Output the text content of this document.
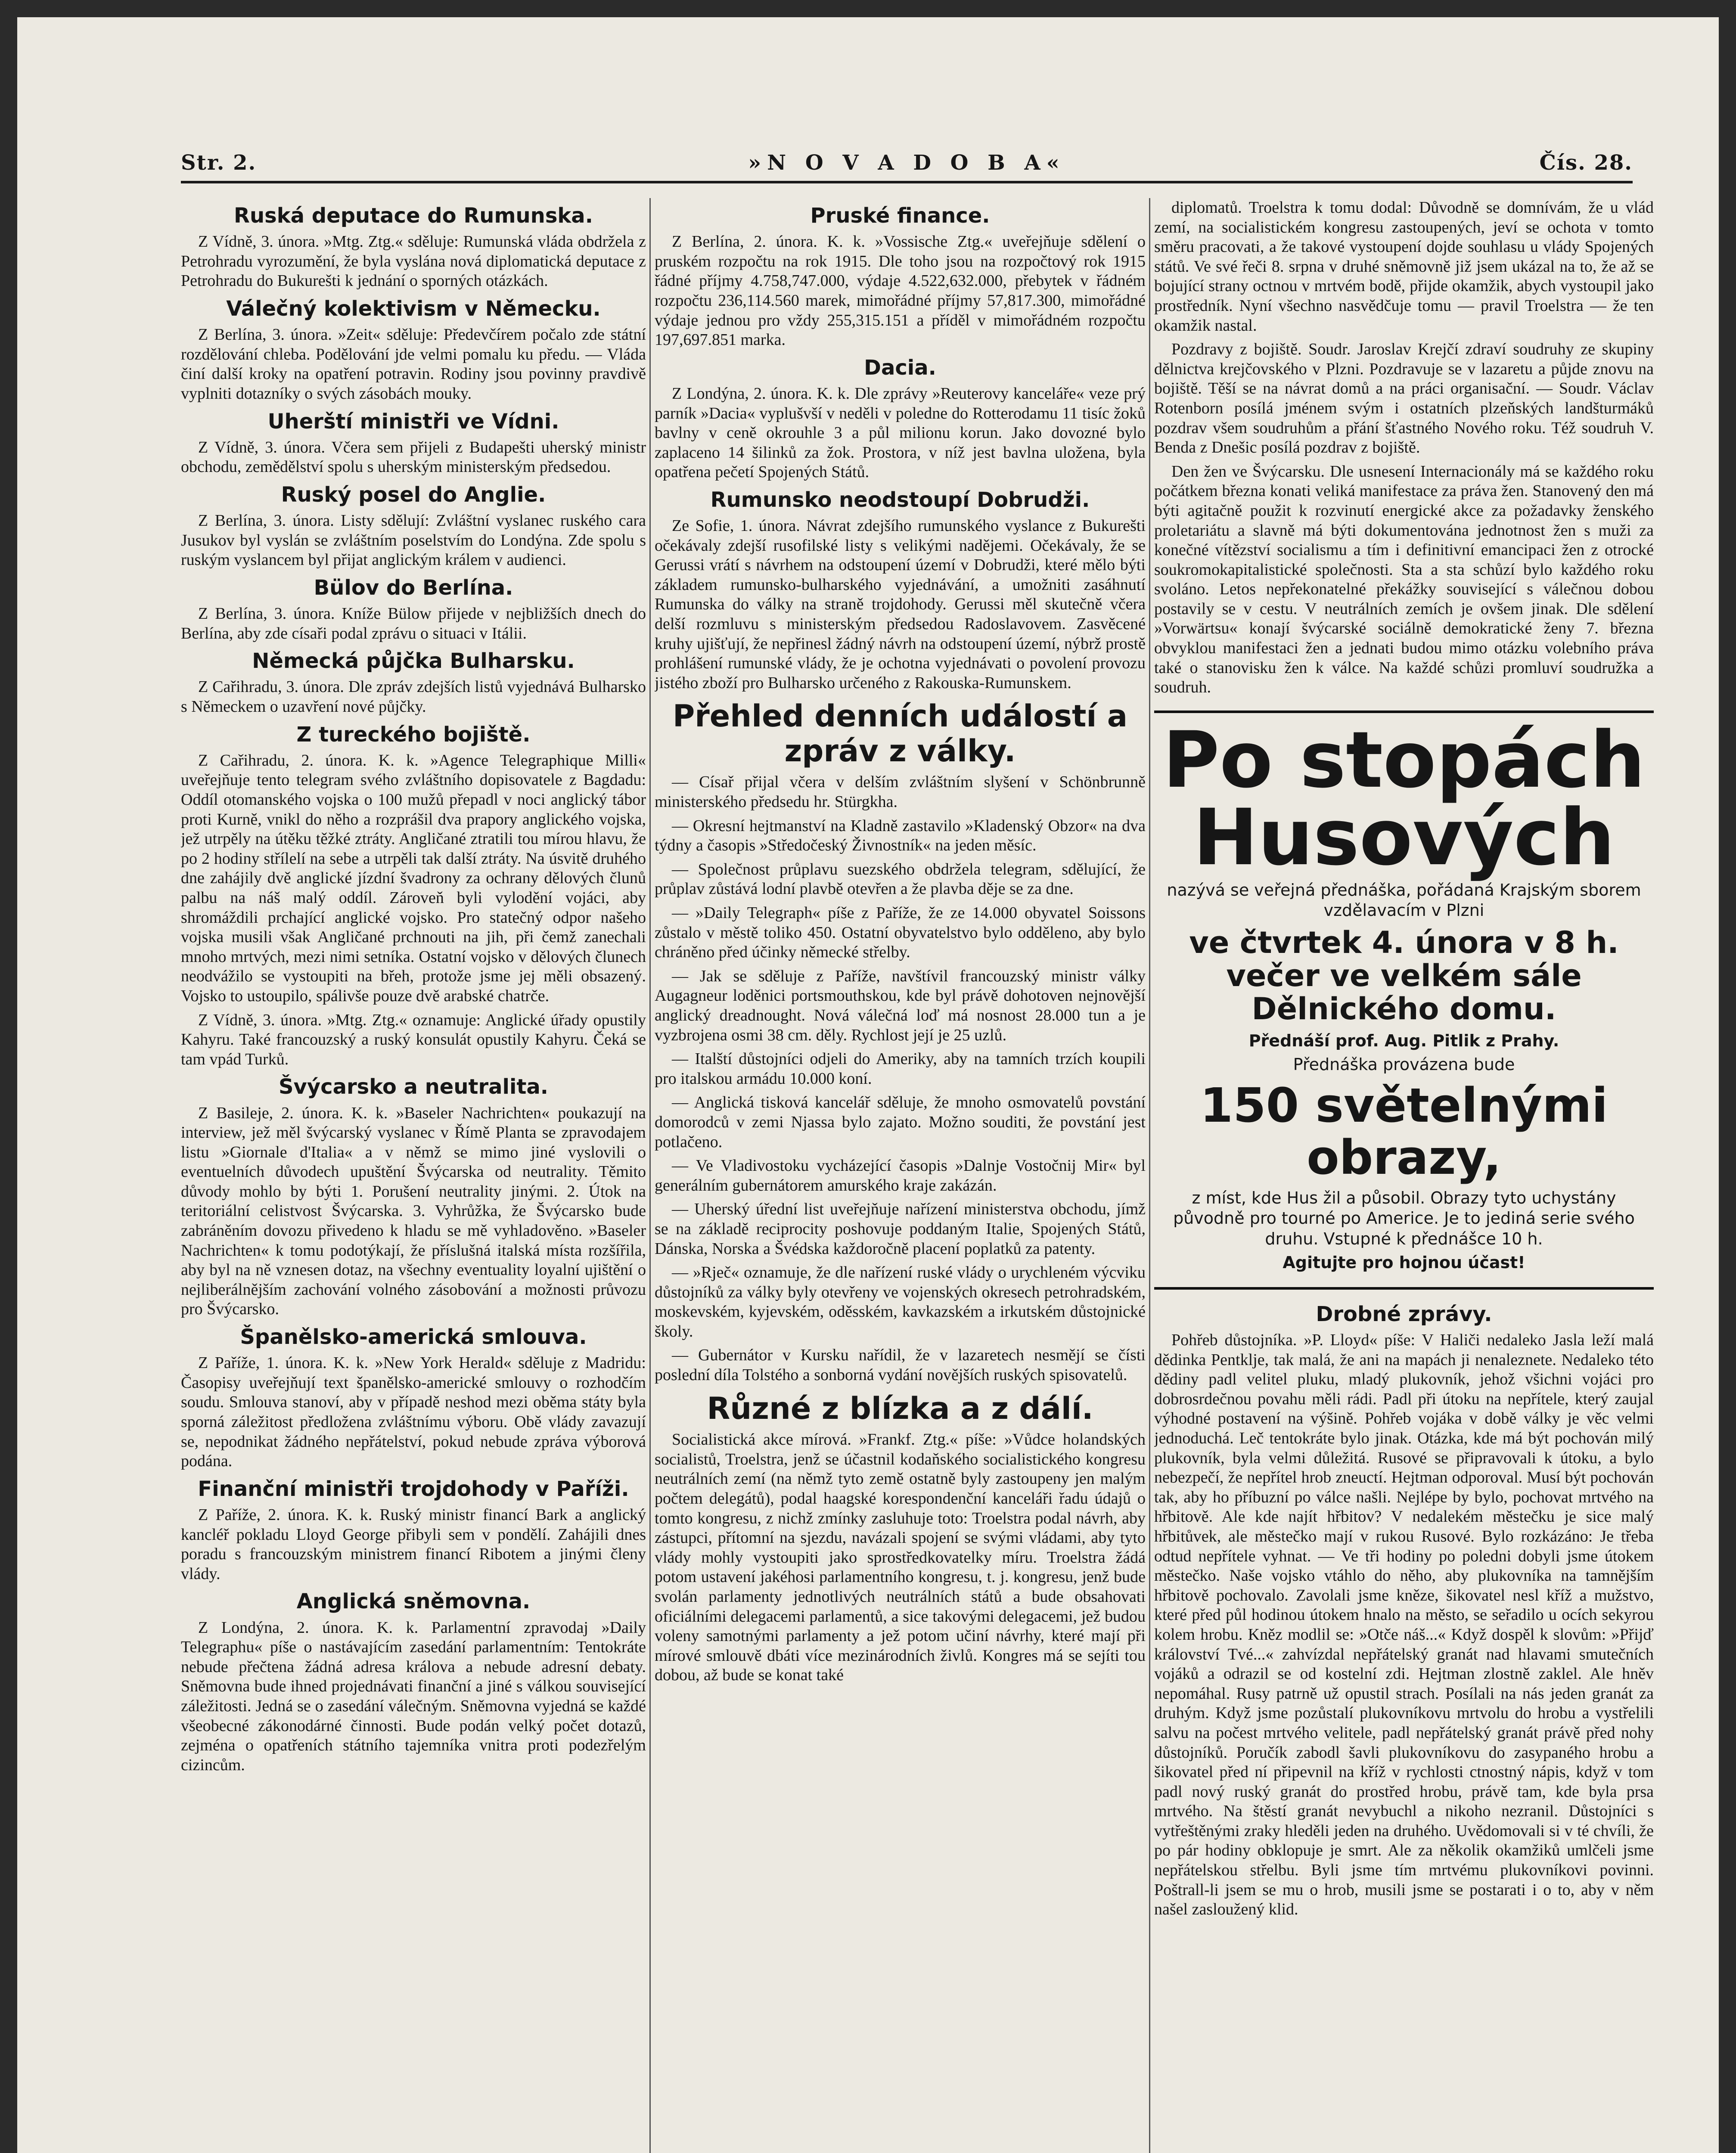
Str. 2.	»N O V A D O B A«	Čís. 28.
Ruská deputace do Rumunska.

Z Vídně, 3. února. »Mtg. Ztg.« sděluje: Rumunská vláda obdržela z Petrohradu vyrozumění, že byla vyslána nová diplomatická deputace z Petrohradu do Bukurešti k jednání o sporných otázkách.

Válečný kolektivism v Německu.

Z Berlína, 3. února. »Zeit« sděluje: Předevčírem počalo zde státní rozdělování chleba. Podělování jde velmi pomalu ku předu. — Vláda činí další kroky na opatření potravin. Rodiny jsou povinny pravdivě vyplniti dotazníky o svých zásobách mouky.

Uherští ministři ve Vídni.

Z Vídně, 3. února. Včera sem přijeli z Budapešti uherský ministr obchodu, zemědělství spolu s uherským ministerským předsedou.

Ruský posel do Anglie.

Z Berlína, 3. února. Listy sdělují: Zvláštní vyslanec ruského cara Jusukov byl vyslán se zvláštním poselstvím do Londýna. Zde spolu s ruským vyslancem byl přijat anglickým králem v audienci.

Bülov do Berlína.

Z Berlína, 3. února. Kníže Bülow přijede v nejbližších dnech do Berlína, aby zde císaři podal zprávu o situaci v Itálii.

Německá půjčka Bulharsku.

Z Cařihradu, 3. února. Dle zpráv zdejších listů vyjednává Bulharsko s Německem o uzavření nové půjčky.

Z tureckého bojiště.

Z Cařihradu, 2. února. K. k. »Agence Telegraphique Milli« uveřejňuje tento telegram svého zvláštního dopisovatele z Bagdadu: Oddíl otomanského vojska o 100 mužů přepadl v noci anglický tábor proti Kurně, vnikl do něho a rozprášil dva prapory anglického vojska, jež utrpěly na útěku těžké ztráty. Angličané ztratili tou mírou hlavu, že po 2 hodiny střílelí na sebe a utrpěli tak další ztráty. Na úsvitě druhého dne zahájily dvě anglické jízdní švadrony za ochrany dělových člunů palbu na náš malý oddíl. Zároveň byli vylodění vojáci, aby shromáždili prchající anglické vojsko. Pro statečný odpor našeho vojska musili však Angličané prchnouti na jih, při čemž zanechali mnoho mrtvých, mezi nimi setníka. Ostatní vojsko v dělových člunech neodvážilo se vystoupiti na břeh, protože jsme jej měli obsazený. Vojsko to ustoupilo, spálivše pouze dvě arabské chatrče.

Z Vídně, 3. února. »Mtg. Ztg.« oznamuje: Anglické úřady opustily Kahyru. Také francouzský a ruský konsulát opustily Kahyru. Čeká se tam vpád Turků.

Švýcarsko a neutralita.

Z Basileje, 2. února. K. k. »Baseler Nachrichten« poukazují na interview, jež měl švýcarský vyslanec v Římě Planta se zpravodajem listu »Giornale d'Italia« a v němž se mimo jiné vyslovili o eventuelních důvodech upuštění Švýcarska od neutrality. Těmito důvody mohlo by býti 1. Porušení neutrality jinými. 2. Útok na teritoriální celistvost Švýcarska. 3. Vyhrůžka, že Švýcarsko bude zabráněním dovozu přivedeno k hladu se mě vyhladověno. »Baseler Nachrichten« k tomu podotýkají, že příslušná italská místa rozšířila, aby byl na ně vznesen dotaz, na všechny eventuality loyalní ujištění o nejliberálnějším zachování volného zásobování a možnosti průvozu pro Švýcarsko.

Španělsko-americká smlouva.

Z Paříže, 1. února. K. k. »New York Herald« sděluje z Madridu: Časopisy uveřejňují text španělsko-americké smlouvy o rozhodčím soudu. Smlouva stanoví, aby v případě neshod mezi oběma státy byla sporná záležitost předložena zvláštnímu výboru. Obě vlády zavazují se, nepodnikat žádného nepřátelství, pokud nebude zpráva výborová podána.

Finanční ministři trojdohody v Paříži.

Z Paříže, 2. února. K. k. Ruský ministr financí Bark a anglický kancléř pokladu Lloyd George přibyli sem v pondělí. Zahájili dnes poradu s francouzským ministrem financí Ribotem a jinými členy vlády.

Anglická sněmovna.

Z Londýna, 2. února. K. k. Parlamentní zpravodaj »Daily Telegraphu« píše o nastávajícím zasedání parlamentním: Tentokráte nebude přečtena žádná adresa králova a nebude adresní debaty. Sněmovna bude ihned projednávati finanční a jiné s válkou související záležitosti. Jedná se o zasedání válečným. Sněmovna vyjedná se každé všeobecné zákonodárné činnosti. Bude podán velký počet dotazů, zejména o opatřeních státního tajemníka vnitra proti podezřelým cizincům.

Pruské finance.

Z Berlína, 2. února. K. k. »Vossische Ztg.« uveřejňuje sdělení o pruském rozpočtu na rok 1915. Dle toho jsou na rozpočtový rok 1915 řádné příjmy 4.758,747.000, výdaje 4.522,632.000, přebytek v řádném rozpočtu 236,114.560 marek, mimořádné příjmy 57,817.300, mimořádné výdaje jednou pro vždy 255,315.151 a příděl v mimořádném rozpočtu 197,697.851 marka.

Dacia.

Z Londýna, 2. února. K. k. Dle zprávy »Reuterovy kanceláře« veze prý parník »Dacia« vyplušvší v neděli v poledne do Rotterodamu 11 tisíc žoků bavlny v ceně okrouhle 3 a půl milionu korun. Jako dovozné bylo zaplaceno 14 šilinků za žok. Prostora, v níž jest bavlna uložena, byla opatřena pečetí Spojených Států.

Rumunsko neodstoupí Dobrudži.

Ze Sofie, 1. února. Návrat zdejšího rumunského vyslance z Bukurešti očekávaly zdejší rusofilské listy s velikými nadějemi. Očekávaly, že se Gerussi vrátí s návrhem na odstoupení území v Dobrudži, které mělo býti základem rumunsko-bulharského vyjednávání, a umožniti zasáhnutí Rumunska do války na straně trojdohody. Gerussi měl skutečně včera delší rozmluvu s ministerským předsedou Radoslavovem. Zasvěcené kruhy ujišťují, že nepřinesl žádný návrh na odstoupení území, nýbrž prostě prohlášení rumunské vlády, že je ochotna vyjednávati o povolení provozu jistého zboží pro Bulharsko určeného z Rakouska-Rumunskem.

Přehled denních událostí a zpráv z války.

— Císař přijal včera v delším zvláštním slyšení v Schönbrunně ministerského předsedu hr. Stürgkha.

— Okresní hejtmanství na Kladně zastavilo »Kladenský Obzor« na dva týdny a časopis »Středočeský Živnostník« na jeden měsíc.

— Společnost průplavu suezského obdržela telegram, sdělující, že průplav zůstává lodní plavbě otevřen a že plavba děje se za dne.

— »Daily Telegraph« píše z Paříže, že ze 14.000 obyvatel Soissons zůstalo v městě toliko 450. Ostatní obyvatelstvo bylo odděleno, aby bylo chráněno před účinky německé střelby.

— Jak se sděluje z Paříže, navštívil francouzský ministr války Augagneur loděnici portsmouthskou, kde byl právě dohotoven nejnovější anglický dreadnought. Nová válečná loď má nosnost 28.000 tun a je vyzbrojena osmi 38 cm. děly. Rychlost její je 25 uzlů.

— Italští důstojníci odjeli do Ameriky, aby na tamních trzích koupili pro italskou armádu 10.000 koní.

— Anglická tisková kancelář sděluje, že mnoho osmovatelů povstání domorodců v zemi Njassa bylo zajato. Možno souditi, že povstání jest potlačeno.

— Ve Vladivostoku vycházející časopis »Dalnje Vostočnij Mir« byl generálním gubernátorem amurského kraje zakázán.

— Uherský úřední list uveřejňuje nařízení ministerstva obchodu, jímž se na základě reciprocity poshovuje poddaným Italie, Spojených Států, Dánska, Norska a Švédska každoročně placení poplatků za patenty.

— »Rječ« oznamuje, že dle nařízení ruské vlády o urychleném výcviku důstojníků za války byly otevřeny ve vojenských okresech petrohradském, moskevském, kyjevském, oděsském, kavkazském a irkutském důstojnické školy.

— Gubernátor v Kursku nařídil, že v lazaretech nesmějí se čísti poslední díla Tolstého a sonborná vydání novějších ruských spisovatelů.

Různé z blízka a z dálí.

Socialistická akce mírová. »Frankf. Ztg.« píše: »Vůdce holandských socialistů, Troelstra, jenž se účastnil kodaňského socialistického kongresu neutrálních zemí (na němž tyto země ostatně byly zastoupeny jen malým počtem delegátů), podal haagské korespondenční kanceláři řadu údajů o tomto kongresu, z nichž zmínky zasluhuje toto: Troelstra podal návrh, aby zástupci, přítomní na sjezdu, navázali spojení se svými vládami, aby tyto vlády mohly vystoupiti jako sprostředkovatelky míru. Troelstra žádá potom ustavení jakéhosi parlamentního kongresu, t. j. kongresu, jenž bude svolán parlamenty jednotlivých neutrálních států a bude obsahovati oficiálními delegacemi parlamentů, a sice takovými delegacemi, jež budou voleny samotnými parlamenty a jež potom učiní návrhy, které mají při mírové smlouvě dbáti více mezinárodních živlů. Kongres má se sejíti tou dobou, až bude se konat také

diplomatů. Troelstra k tomu dodal: Důvodně se domnívám, že u vlád zemí, na socialistickém kongresu zastoupených, jeví se ochota v tomto směru pracovati, a že takové vystoupení dojde souhlasu u vlády Spojených států. Ve své řeči 8. srpna v druhé sněmovně již jsem ukázal na to, že až se bojující strany octnou v mrtvém bodě, přijde okamžik, abych vystoupil jako prostředník. Nyní všechno nasvědčuje tomu — pravil Troelstra — že ten okamžik nastal.

Pozdravy z bojiště. Soudr. Jaroslav Krejčí zdraví soudruhy ze skupiny dělnictva krejčovského v Plzni. Pozdravuje se v lazaretu a půjde znovu na bojiště. Těší se na návrat domů a na práci organisační. — Soudr. Václav Rotenborn posílá jménem svým i ostatních plzeňských landšturmáků pozdrav všem soudruhům a přání šťastného Nového roku. Též soudruh V. Benda z Dnešic posílá pozdrav z bojiště.

Den žen ve Švýcarsku. Dle usnesení Internacionály má se každého roku počátkem března konati veliká manifestace za práva žen. Stanovený den má býti agitačně použit k rozvinutí energické akce za požadavky ženského proletariátu a slavně má býti dokumentována jednotnost žen s muži za konečné vítězství socialismu a tím i definitivní emancipaci žen z otrocké soukromokapitalistické společnosti. Sta a sta schůzí bylo každého roku svoláno. Letos nepřekonatelné překážky související s válečnou dobou postavily se v cestu. V neutrálních zemích je ovšem jinak. Dle sdělení »Vorwärtsu« konají švýcarské sociálně demokratické ženy 7. března obvyklou manifestaci žen a jednati budou mimo otázku volebního práva také o stanovisku žen k válce. Na každé schůzi promluví soudružka a soudruh.

Po stopách
Husových
nazývá se veřejná přednáška, pořádaná Krajským sborem vzdělavacím v Plzni
ve čtvrtek 4. února v 8 h. večer ve velkém sále Dělnického domu.
Přednáší prof. Aug. Pitlik z Prahy.
Přednáška provázena bude
150 světelnými obrazy,
z míst, kde Hus žil a působil. Obrazy tyto uchystány původně pro tourné po Americe. Je to jediná serie svého druhu. Vstupné k přednášce 10 h.
Agitujte pro hojnou účast!
Drobné zprávy.

Pohřeb důstojníka. »P. Lloyd« píše: V Haliči nedaleko Jasla leží malá dědinka Pentklje, tak malá, že ani na mapách ji nenaleznete. Nedaleko této dědiny padl velitel pluku, mladý plukovník, jehož všichni vojáci pro dobrosrdečnou povahu měli rádi. Padl při útoku na nepřítele, který zaujal výhodné postavení na výšině. Pohřeb vojáka v době války je věc velmi jednoduchá. Leč tentokráte bylo jinak. Otázka, kde má být pochován milý plukovník, byla velmi důležitá. Rusové se připravovali k útoku, a bylo nebezpečí, že nepřítel hrob zneuctí. Hejtman odporoval. Musí být pochován tak, aby ho příbuzní po válce našli. Nejlépe by bylo, pochovat mrtvého na hřbitově. Ale kde najít hřbitov? V nedalekém městečku je sice malý hřbitůvek, ale městečko mají v rukou Rusové. Bylo rozkázáno: Je třeba odtud nepřítele vyhnat. — Ve tři hodiny po poledni dobyli jsme útokem městečko. Naše vojsko vtáhlo do něho, aby plukovníka na tamnějším hřbitově pochovalo. Zavolali jsme kněze, šikovatel nesl kříž a mužstvo, které před půl hodinou útokem hnalo na město, se seřadilo u ocích sekyrou kolem hrobu. Kněz modlil se: »Otče náš...« Když dospěl k slovům: »Přijď království Tvé...« zahvízdal nepřátelský granát nad hlavami smutečních vojáků a odrazil se od kostelní zdi. Hejtman zlostně zaklel. Ale hněv nepomáhal. Rusy patrně už opustil strach. Posílali na nás jeden granát za druhým. Když jsme pozůstalí plukovníkovu mrtvolu do hrobu a vystřelili salvu na počest mrtvého velitele, padl nepřátelský granát právě před nohy důstojníků. Poručík zabodl šavli plukovníkovu do zasypaného hrobu a šikovatel před ní připevnil na kříž v rychlosti ctnostný nápis, když v tom padl nový ruský granát do prostřed hrobu, právě tam, kde byla prsa mrtvého. Na štěstí granát nevybuchl a nikoho nezranil. Důstojníci s vytřeštěnými zraky hleděli jeden na druhého. Uvědomovali si v té chvíli, že po pár hodiny obklopuje je smrt. Ale za několik okamžiků umlčeli jsme nepřátelskou střelbu. Byli jsme tím mrtvému plukovníkovi povinni. Poštrall-li jsem se mu o hrob, musili jsme se postarati i o to, aby v něm našel zasloužený klid.
